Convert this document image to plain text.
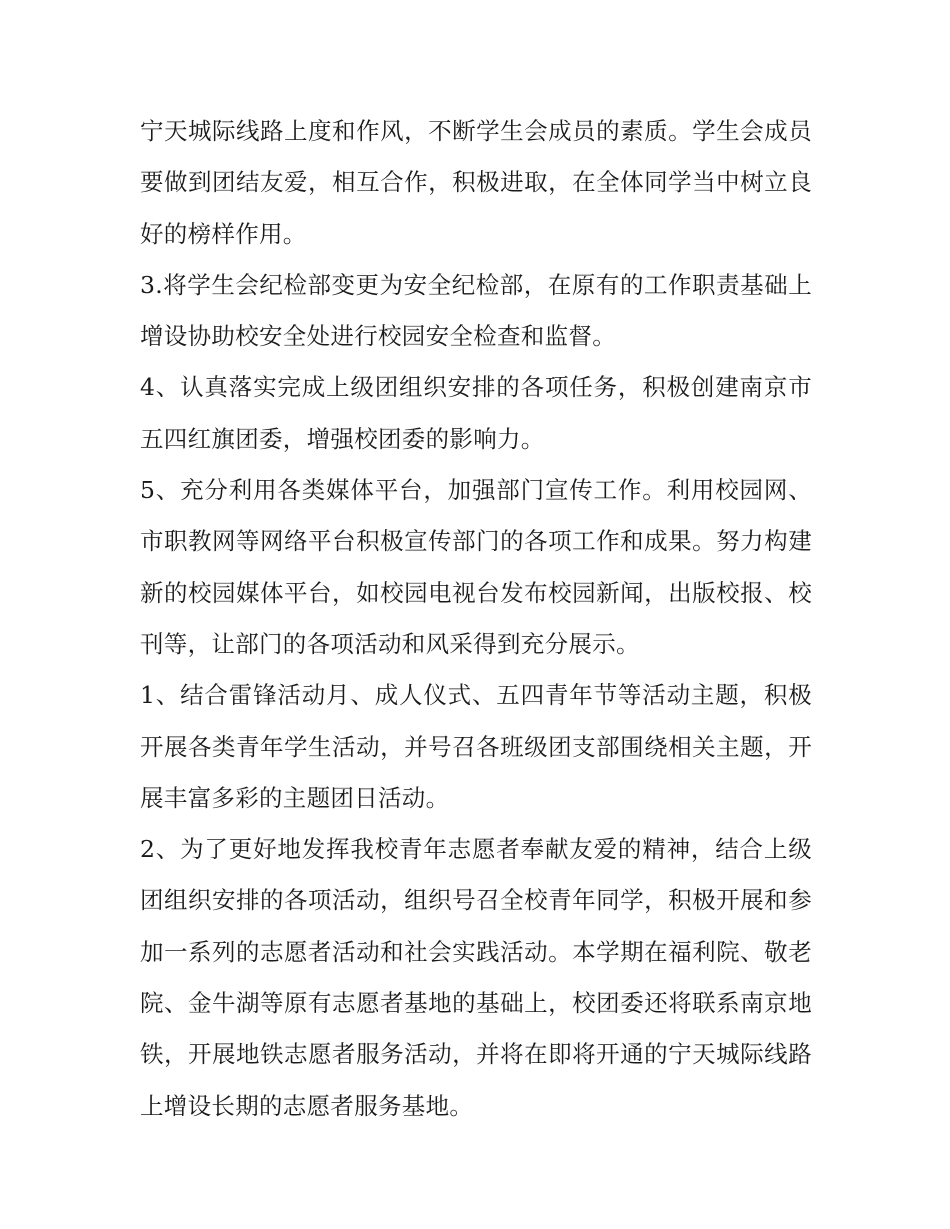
宁天城际线路上度和作风，不断学生会成员的素质。学生会成员要做到团结友爱，相互合作，积极进取，在全体同学当中树立良好的榜样作用。

3.将学生会纪检部变更为安全纪检部，在原有的工作职责基础上增设协助校安全处进行校园安全检查和监督。

4、认真落实完成上级团组织安排的各项任务，积极创建南京市五四红旗团委，增强校团委的影响力。

5、充分利用各类媒体平台，加强部门宣传工作。利用校园网、市职教网等网络平台积极宣传部门的各项工作和成果。努力构建新的校园媒体平台，如校园电视台发布校园新闻，出版校报、校刊等，让部门的各项活动和风采得到充分展示。

1、结合雷锋活动月、成人仪式、五四青年节等活动主题，积极开展各类青年学生活动，并号召各班级团支部围绕相关主题，开展丰富多彩的主题团日活动。

2、为了更好地发挥我校青年志愿者奉献友爱的精神，结合上级团组织安排的各项活动，组织号召全校青年同学，积极开展和参加一系列的志愿者活动和社会实践活动。本学期在福利院、敬老院、金牛湖等原有志愿者基地的基础上，校团委还将联系南京地铁，开展地铁志愿者服务活动，并将在即将开通的宁天城际线路上增设长期的志愿者服务基地。
